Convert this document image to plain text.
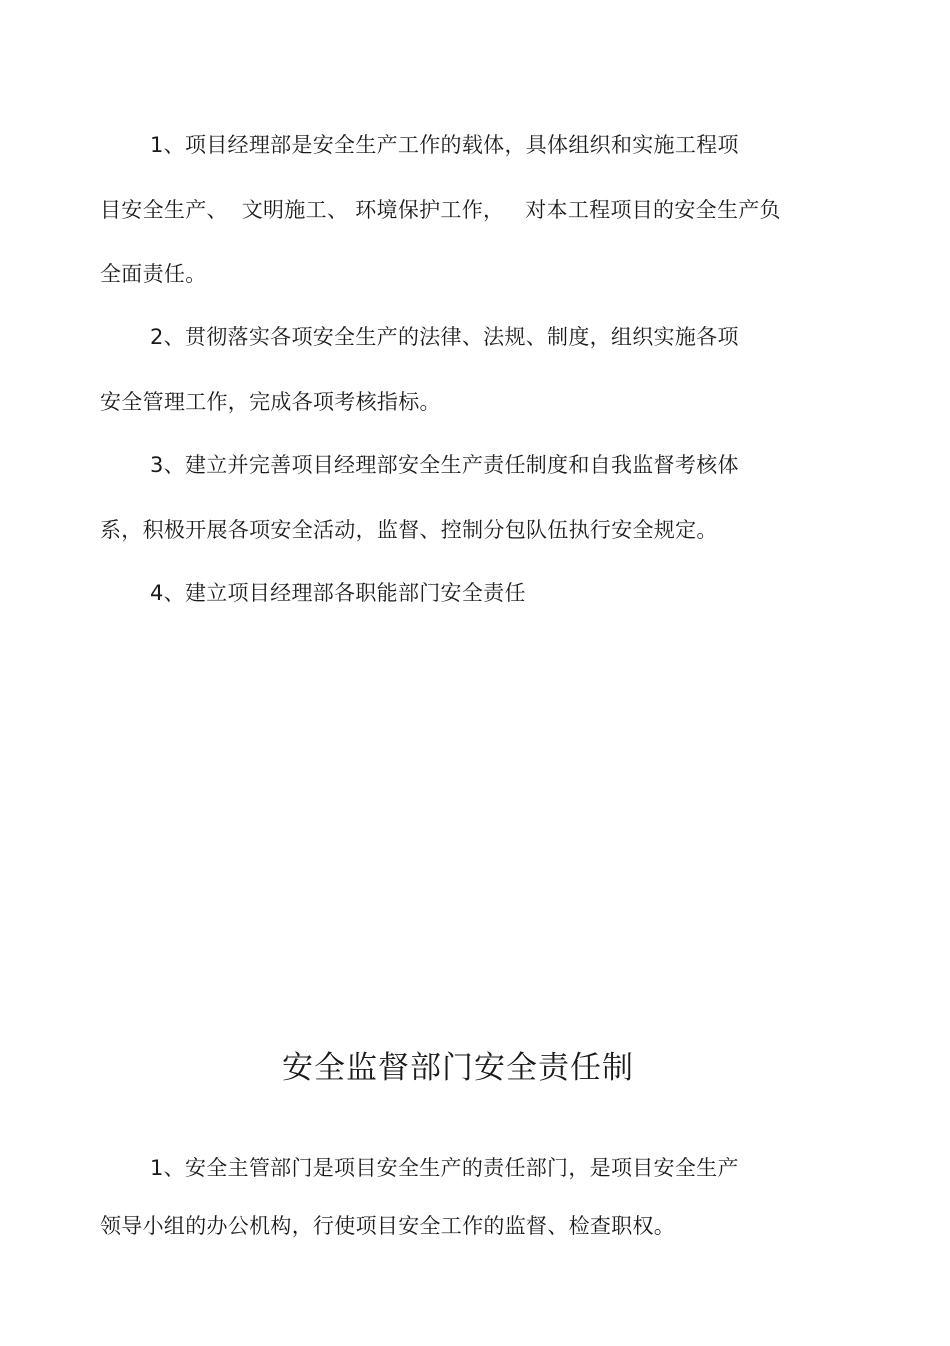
1、项目经理部是安全生产工作的载体，具体组织和实施工程项
目安全生产、  文明施工、 环境保护工作，   对本工程项目的安全生产负
全面责任。
2、贯彻落实各项安全生产的法律、法规、制度，组织实施各项
安全管理工作，完成各项考核指标。
3、建立并完善项目经理部安全生产责任制度和自我监督考核体
系，积极开展各项安全活动，监督、控制分包队伍执行安全规定。
4、建立项目经理部各职能部门安全责任
安全监督部门安全责任制
1、安全主管部门是项目安全生产的责任部门，是项目安全生产
领导小组的办公机构，行使项目安全工作的监督、检查职权。
